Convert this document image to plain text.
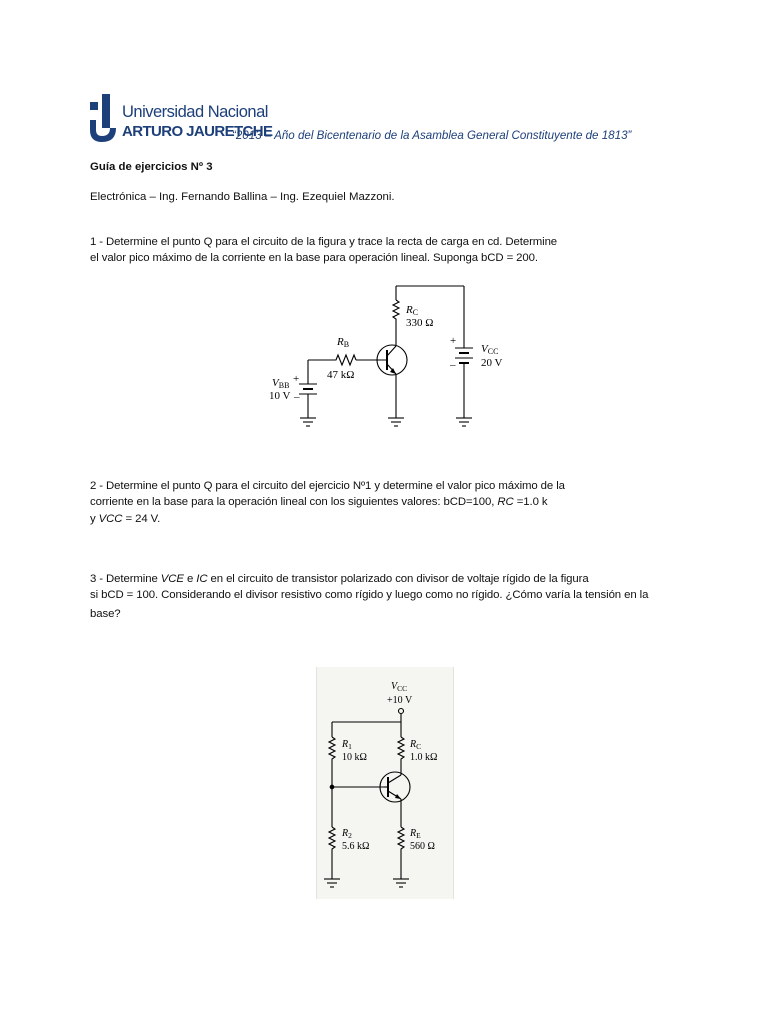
Universidad Nacional
ARTURO JAURETCHE
“2013 – Año del Bicentenario de la Asamblea General Constituyente de 1813”
Guía de ejercicios Nº 3
Electrónica – Ing. Fernando Ballina – Ing. Ezequiel Mazzoni.
1 - Determine el punto Q para el circuito de la figura y trace la recta de carga en cd. Determine
el valor pico máximo de la corriente en la base para operación lineal. Suponga bCD = 200.
RC
330 Ω
RB
47 kΩ
VBB
10 V
+
–
VCC
20 V
+
–
2 - Determine el punto Q para el circuito del ejercicio Nº1 y determine el valor pico máximo de la
corriente en la base para la operación lineal con los siguientes valores: bCD=100, RC =1.0 k
y VCC = 24 V.
3 - Determine VCE e IC en el circuito de transistor polarizado con divisor de voltaje rígido de la figura
si bCD = 100. Considerando el divisor resistivo como rígido y luego como no rígido. ¿Cómo varía la tensión en la
base?
$V_{CC}$
+10 V
$R_1$
10 kΩ
$R_C$
1.0 kΩ
$R_2$
5.6 kΩ
$R_E$
560 Ω
